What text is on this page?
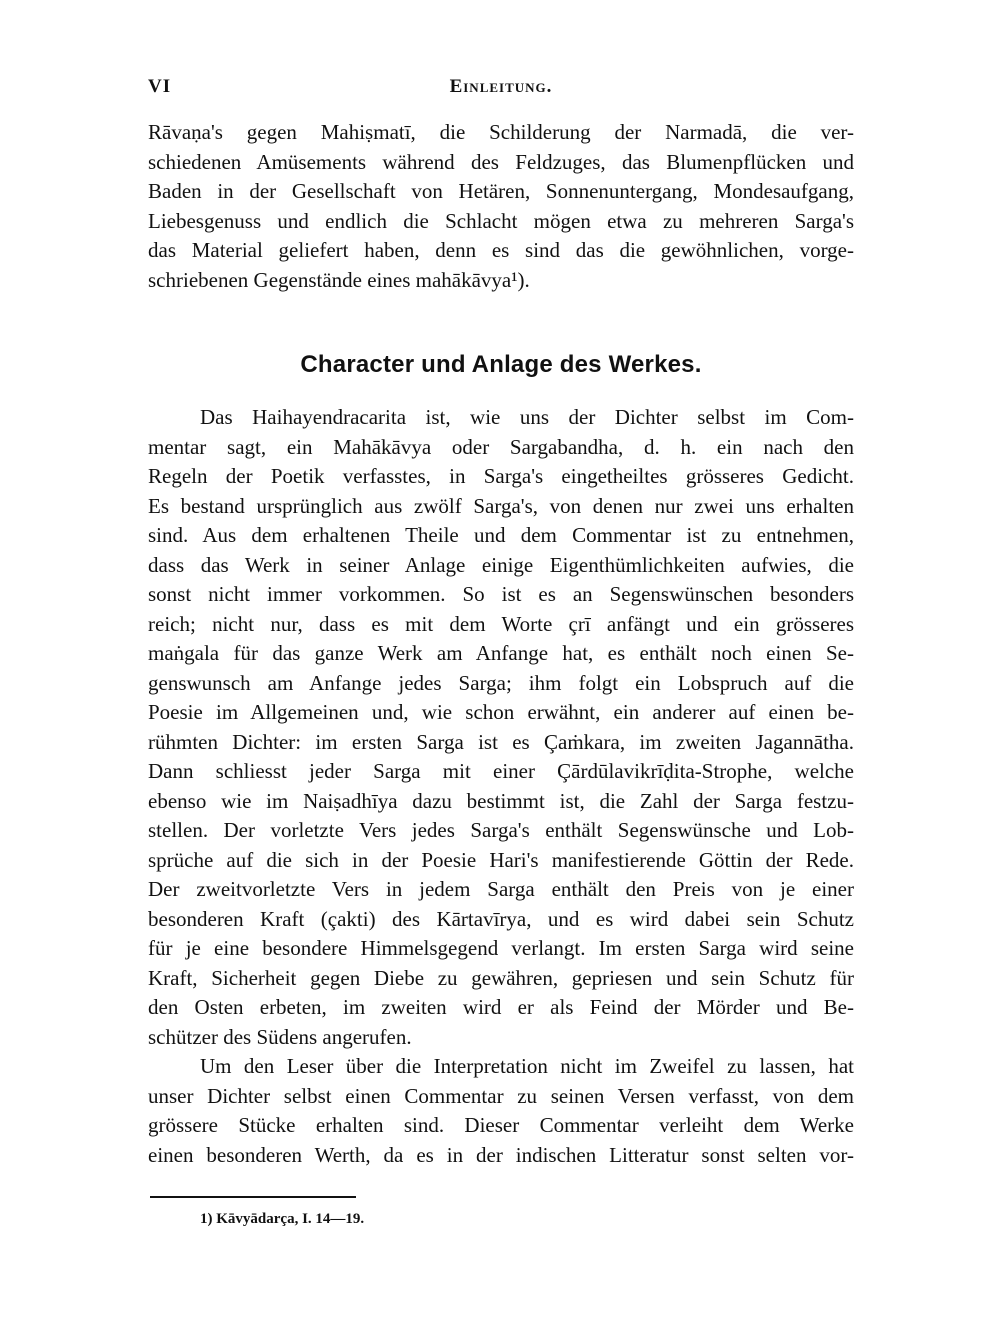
VI	Einleitung.
Rāvaṇa's gegen Mahiṣmatī, die Schilderung der Narmadā, die ver-
schiedenen Amüsements während des Feldzuges, das Blumenpflücken und
Baden in der Gesellschaft von Hetären, Sonnenuntergang, Mondesaufgang,
Liebesgenuss und endlich die Schlacht mögen etwa zu mehreren Sarga's
das Material geliefert haben, denn es sind das die gewöhnlichen, vorge-
schriebenen Gegenstände eines mahākāvya¹).
Character und Anlage des Werkes.
Das Haihayendracarita ist, wie uns der Dichter selbst im Com-
mentar sagt, ein Mahākāvya oder Sargabandha, d. h. ein nach den
Regeln der Poetik verfasstes, in Sarga's eingetheiltes grösseres Gedicht.
Es bestand ursprünglich aus zwölf Sarga's, von denen nur zwei uns erhalten
sind. Aus dem erhaltenen Theile und dem Commentar ist zu entnehmen,
dass das Werk in seiner Anlage einige Eigenthümlichkeiten aufwies, die
sonst nicht immer vorkommen. So ist es an Segenswünschen besonders
reich; nicht nur, dass es mit dem Worte çrī anfängt und ein grösseres
maṅgala für das ganze Werk am Anfange hat, es enthält noch einen Se-
genswunsch am Anfange jedes Sarga; ihm folgt ein Lobspruch auf die
Poesie im Allgemeinen und, wie schon erwähnt, ein anderer auf einen be-
rühmten Dichter: im ersten Sarga ist es Çaṁkara, im zweiten Jagannātha.
Dann schliesst jeder Sarga mit einer Çārdūlavikrīḍita-Strophe, welche
ebenso wie im Naiṣadhīya dazu bestimmt ist, die Zahl der Sarga festzu-
stellen. Der vorletzte Vers jedes Sarga's enthält Segenswünsche und Lob-
sprüche auf die sich in der Poesie Hari's manifestierende Göttin der Rede.
Der zweitvorletzte Vers in jedem Sarga enthält den Preis von je einer
besonderen Kraft (çakti) des Kārtavīrya, und es wird dabei sein Schutz
für je eine besondere Himmelsgegend verlangt. Im ersten Sarga wird seine
Kraft, Sicherheit gegen Diebe zu gewähren, gepriesen und sein Schutz für
den Osten erbeten, im zweiten wird er als Feind der Mörder und Be-
schützer des Südens angerufen.
Um den Leser über die Interpretation nicht im Zweifel zu lassen, hat
unser Dichter selbst einen Commentar zu seinen Versen verfasst, von dem
grössere Stücke erhalten sind. Dieser Commentar verleiht dem Werke
einen besonderen Werth, da es in der indischen Litteratur sonst selten vor-
1) Kāvyādarça, I. 14—19.
